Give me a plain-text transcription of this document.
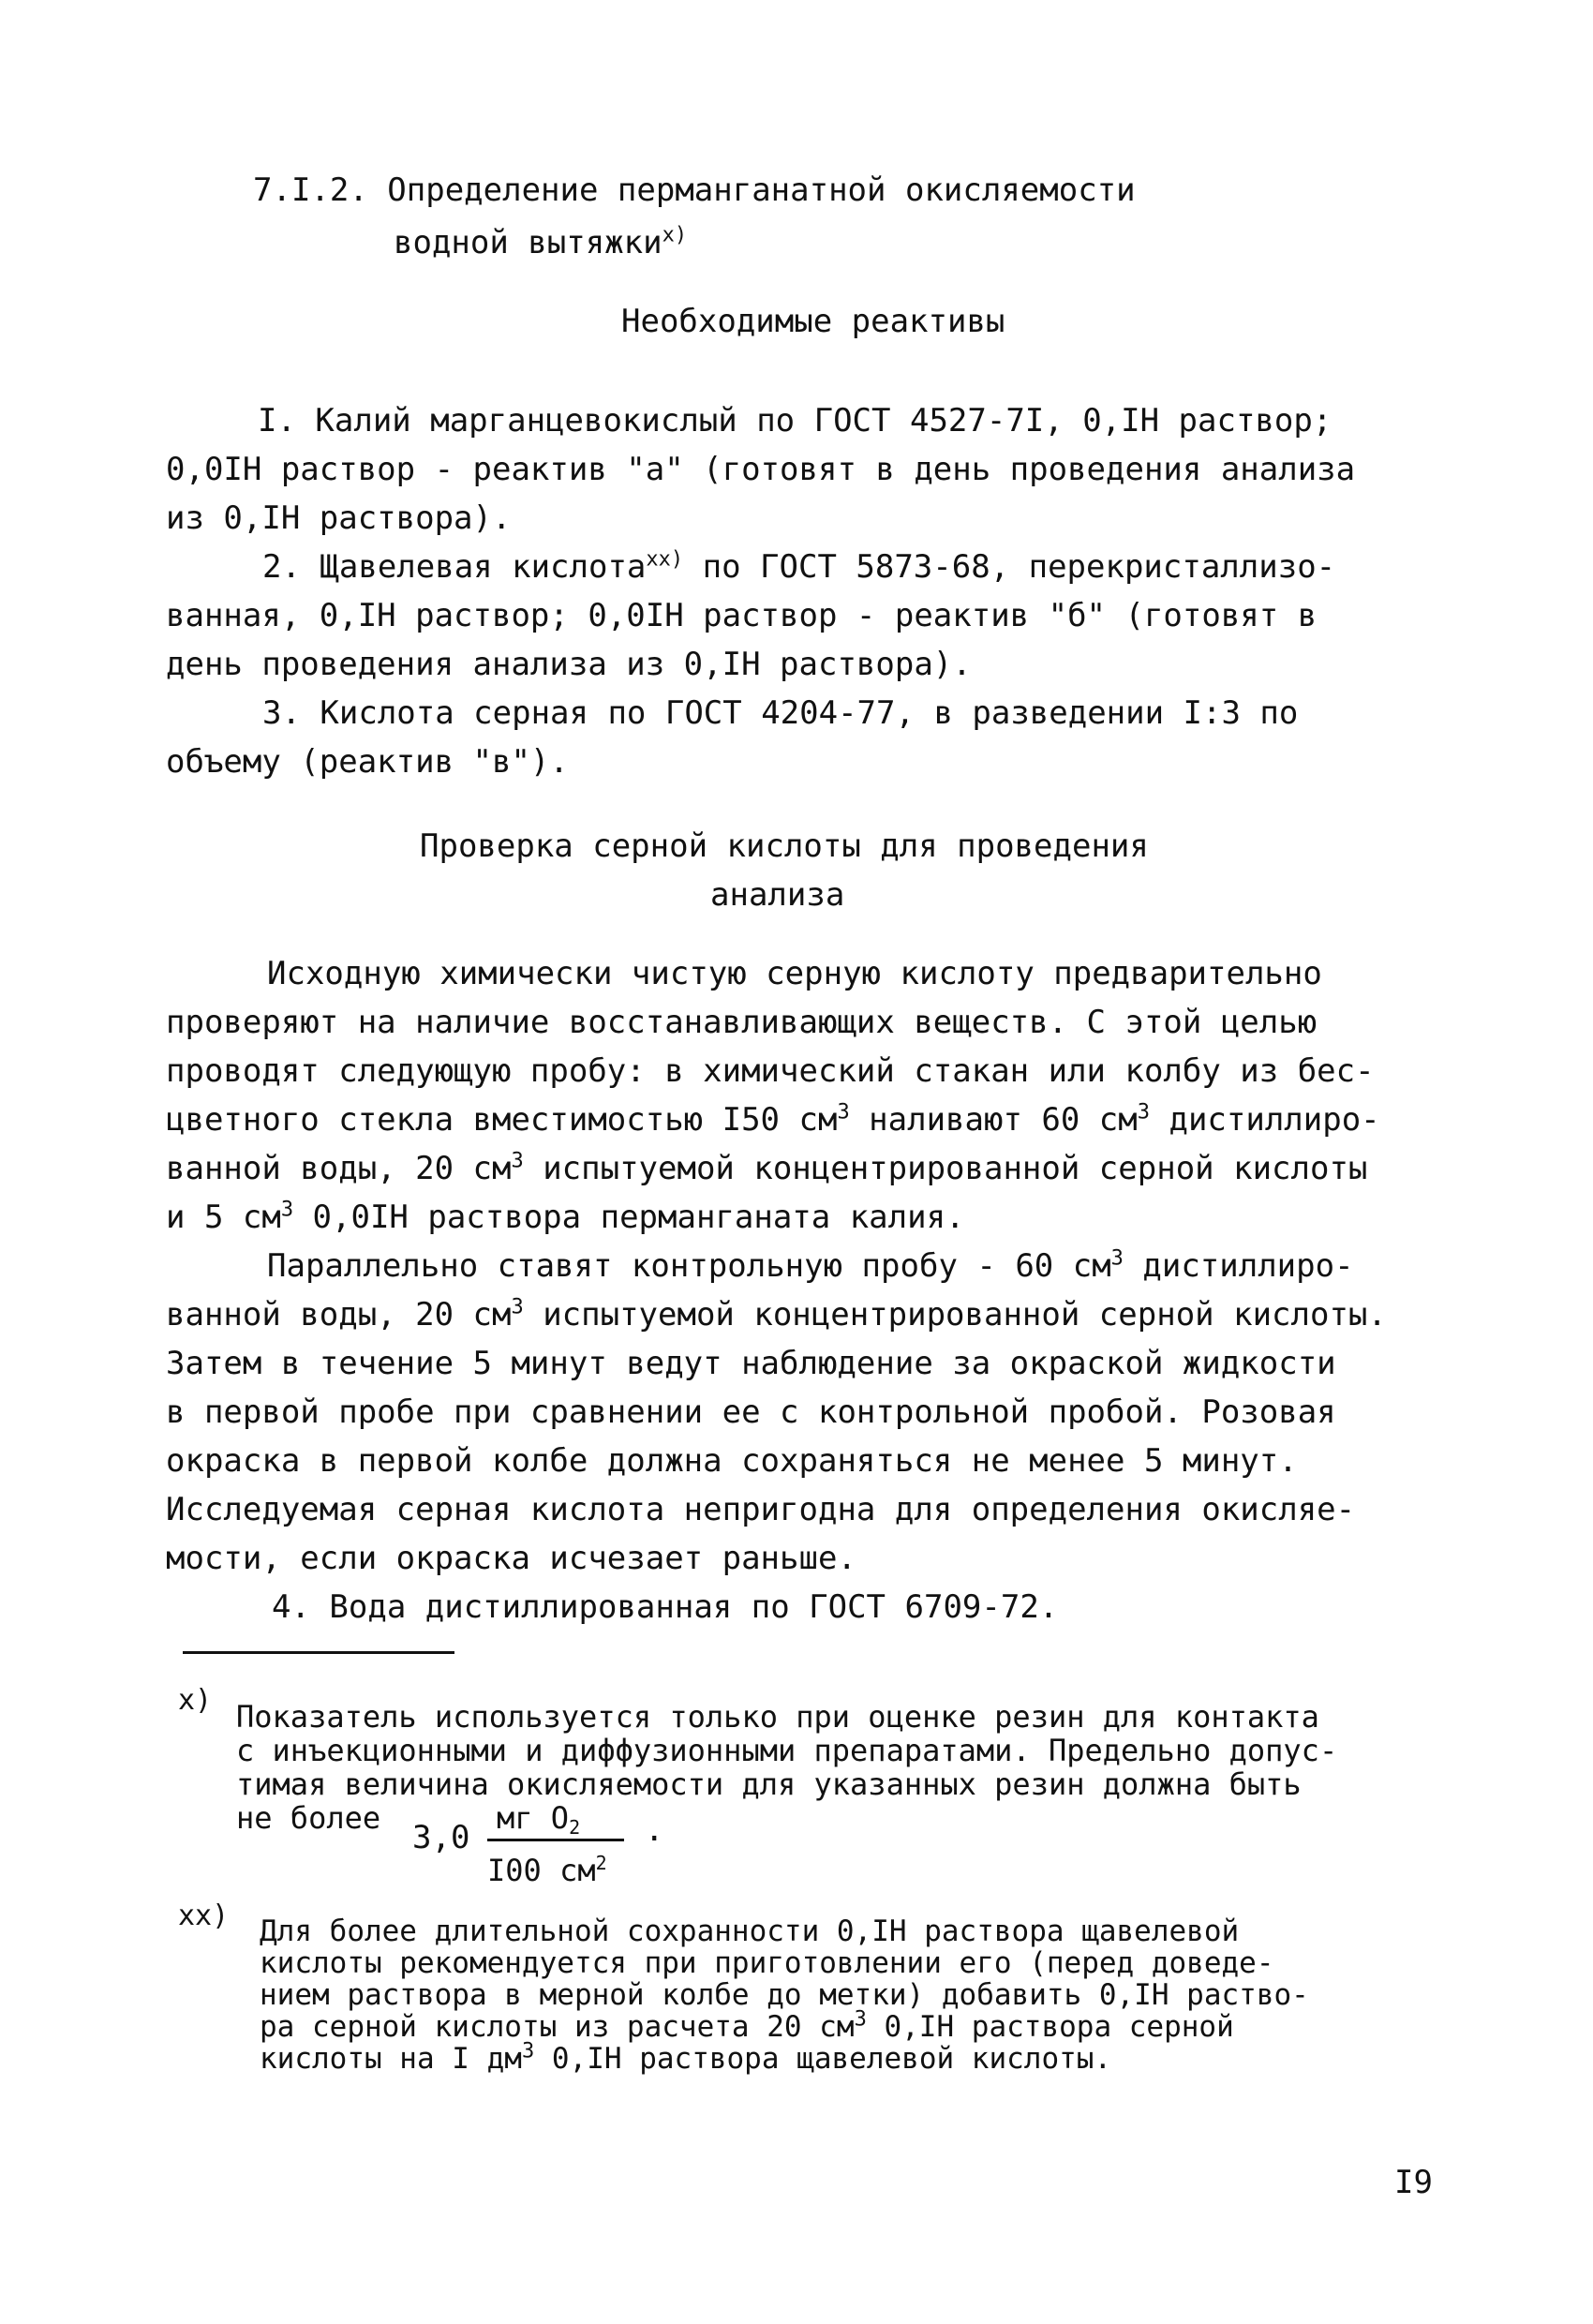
7.I.2. Определение перманганатной окисляемости
водной вытяжки$^{x)}$
Необходимые реактивы
I. Калий марганцевокислый по ГОСТ 4527-7I, 0,IН раствор;
0,0IН раствор - реактив "а" (готовят в день проведения анализа
из 0,IН раствора).
2. Щавелевая кислота$^{xx)}$ по ГОСТ 5873-68, перекристаллизо-
ванная, 0,IН раствор; 0,0IН раствор - реактив "б" (готовят в
день проведения анализа из 0,IН раствора).
3. Кислота серная по ГОСТ 4204-77, в разведении I:3 по
объему (реактив "в").
Проверка серной кислоты для проведения
анализа
Исходную химически чистую серную кислоту предварительно
проверяют на наличие восстанавливающих веществ. С этой целью
проводят следующую пробу: в химический стакан или колбу из бес-
цветного стекла вместимостью I50 $см^3$ наливают 60 $см^3$ дистиллиро-
ванной воды, 20 $см^3$ испытуемой концентрированной серной кислоты
и 5 $см^3$ 0,0IН раствора перманганата калия.
Параллельно ставят контрольную пробу - 60 $см^3$ дистиллиро-
ванной воды, 20 $см^3$ испытуемой концентрированной серной кислоты.
Затем в течение 5 минут ведут наблюдение за окраской жидкости
в первой пробе при сравнении ее с контрольной пробой. Розовая
окраска в первой колбе должна сохраняться не менее 5 минут.
Исследуемая серная кислота непригодна для определения окисляе-
мости, если окраска исчезает раньше.
4. Вода дистиллированная по ГОСТ 6709-72.
x) Показатель используется только при оценке резин для контакта
с инъекционными и диффузионными препаратами. Предельно допус-
тимая величина окисляемости для указанных резин должна быть
не более
3,0
мг О2
I00 $см^2$
.
xx) Для более длительной сохранности 0,IН раствора щавелевой
кислоты рекомендуется при приготовлении его (перед доведе-
нием раствора в мерной колбе до метки) добавить 0,IН раство-
ра серной кислоты из расчета 20 $см^3$ 0,IН раствора серной
кислоты на I $дм^3$ 0,IН раствора щавелевой кислоты.
I9
